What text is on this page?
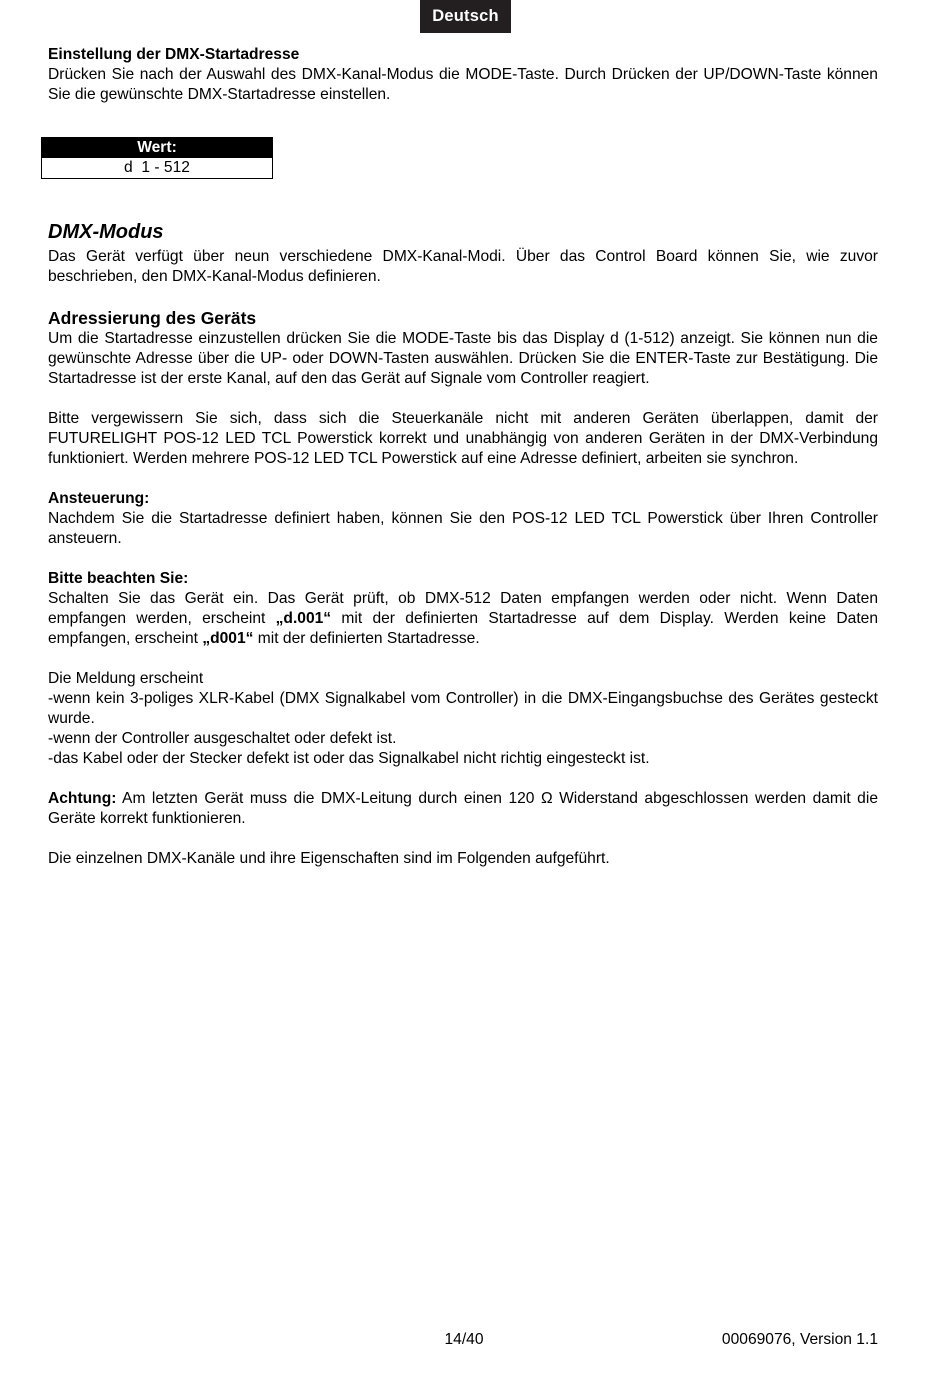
Deutsch

Einstellung der DMX-Startadresse

Drücken Sie nach der Auswahl des DMX-Kanal-Modus die MODE-Taste. Durch Drücken der UP/DOWN-Taste können Sie die gewünschte DMX-Startadresse einstellen.

Wert:
d  1 - 512

DMX-Modus

Das Gerät verfügt über neun verschiedene DMX-Kanal-Modi. Über das Control Board können Sie, wie zuvor beschrieben, den DMX-Kanal-Modus definieren.

Adressierung des Geräts

Um die Startadresse einzustellen drücken Sie die MODE-Taste bis das Display d (1-512) anzeigt. Sie können nun die gewünschte Adresse über die UP- oder DOWN-Tasten auswählen. Drücken Sie die ENTER-Taste zur Bestätigung. Die Startadresse ist der erste Kanal, auf den das Gerät auf Signale vom Controller reagiert.

Bitte vergewissern Sie sich, dass sich die Steuerkanäle nicht mit anderen Geräten überlappen, damit der FUTURELIGHT POS-12 LED TCL Powerstick korrekt und unabhängig von anderen Geräten in der DMX-Verbindung funktioniert. Werden mehrere POS-12 LED TCL Powerstick auf eine Adresse definiert, arbeiten sie synchron.

Ansteuerung:

Nachdem Sie die Startadresse definiert haben, können Sie den POS-12 LED TCL Powerstick über Ihren Controller ansteuern.

Bitte beachten Sie:

Schalten Sie das Gerät ein. Das Gerät prüft, ob DMX-512 Daten empfangen werden oder nicht. Wenn Daten empfangen werden, erscheint „d.001“ mit der definierten Startadresse auf dem Display. Werden keine Daten empfangen, erscheint „d001“ mit der definierten Startadresse.

Die Meldung erscheint

-wenn kein 3-poliges XLR-Kabel (DMX Signalkabel vom Controller) in die DMX-Eingangsbuchse des Gerätes gesteckt wurde.

-wenn der Controller ausgeschaltet oder defekt ist.

-das Kabel oder der Stecker defekt ist oder das Signalkabel nicht richtig eingesteckt ist.

Achtung: Am letzten Gerät muss die DMX-Leitung durch einen 120 Ω Widerstand abgeschlossen werden damit die Geräte korrekt funktionieren.

Die einzelnen DMX-Kanäle und ihre Eigenschaften sind im Folgenden aufgeführt.

14/40	00069076, Version 1.1
